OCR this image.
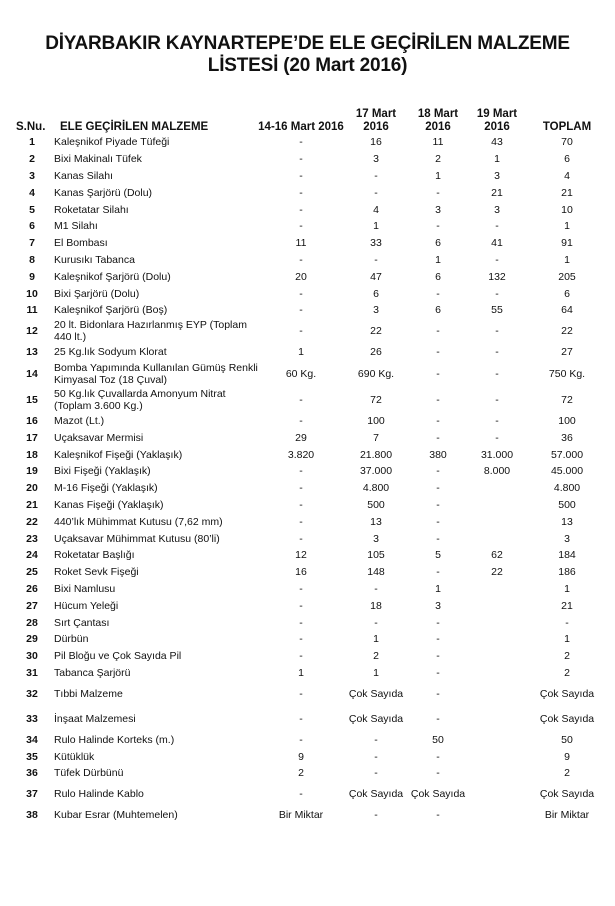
DİYARBAKIR KAYNARTEPE’DE ELE GEÇİRİLEN MALZEME
LİSTESİ (20 Mart 2016)
S.Nu.	ELE GEÇİRİLEN MALZEME	14-16 Mart 2016	17 Mart 2016	18 Mart 2016	19 Mart 2016	TOPLAM
1	Kaleşnikof Piyade Tüfeği	-	16	11	43	70
2	Bixi Makinalı Tüfek	-	3	2	1	6
3	Kanas Silahı	-	-	1	3	4
4	Kanas Şarjörü (Dolu)	-	-	-	21	21
5	Roketatar Silahı	-	4	3	3	10
6	M1 Silahı	-	1	-	-	1
7	El Bombası	11	33	6	41	91
8	Kurusıkı Tabanca	-	-	1	-	1
9	Kaleşnikof Şarjörü (Dolu)	20	47	6	132	205
10	Bixi Şarjörü (Dolu)	-	6	-	-	6
11	Kaleşnikof Şarjörü (Boş)	-	3	6	55	64
12	20 lt. Bidonlara Hazırlanmış EYP (Toplam 440 lt.)	-	22	-	-	22
13	25 Kg.lık Sodyum Klorat	1	26	-	-	27
14	Bomba Yapımında Kullanılan Gümüş Renkli Kimyasal Toz (18 Çuval)	60 Kg.	690 Kg.	-	-	750 Kg.
15	50 Kg.lık Çuvallarda Amonyum Nitrat (Toplam 3.600 Kg.)	-	72	-	-	72
16	Mazot (Lt.)	-	100	-	-	100
17	Uçaksavar Mermisi	29	7	-	-	36
18	Kaleşnikof Fişeği (Yaklaşık)	3.820	21.800	380	31.000	57.000
19	Bixi Fişeği (Yaklaşık)	-	37.000	-	8.000	45.000
20	M-16 Fişeği (Yaklaşık)	-	4.800	-		4.800
21	Kanas Fişeği (Yaklaşık)	-	500	-		500
22	440’lık Mühimmat Kutusu (7,62 mm)	-	13	-		13
23	Uçaksavar Mühimmat Kutusu (80’li)	-	3	-		3
24	Roketatar Başlığı	12	105	5	62	184
25	Roket Sevk Fişeği	16	148	-	22	186
26	Bixi Namlusu	-	-	1		1
27	Hücum Yeleği	-	18	3		21
28	Sırt Çantası	-	-	-		-
29	Dürbün	-	1	-		1
30	Pil Bloğu ve Çok Sayıda Pil	-	2	-		2
31	Tabanca Şarjörü	1	1	-		2
32	Tıbbi Malzeme	-	Çok Sayıda	-		Çok Sayıda
33	İnşaat Malzemesi	-	Çok Sayıda	-		Çok Sayıda
34	Rulo Halinde Korteks (m.)	-	-	50		50
35	Kütüklük	9	-	-		9
36	Tüfek Dürbünü	2	-	-		2
37	Rulo Halinde Kablo	-	Çok Sayıda	Çok Sayıda		Çok Sayıda
38	Kubar Esrar (Muhtemelen)	Bir Miktar	-	-		Bir Miktar
